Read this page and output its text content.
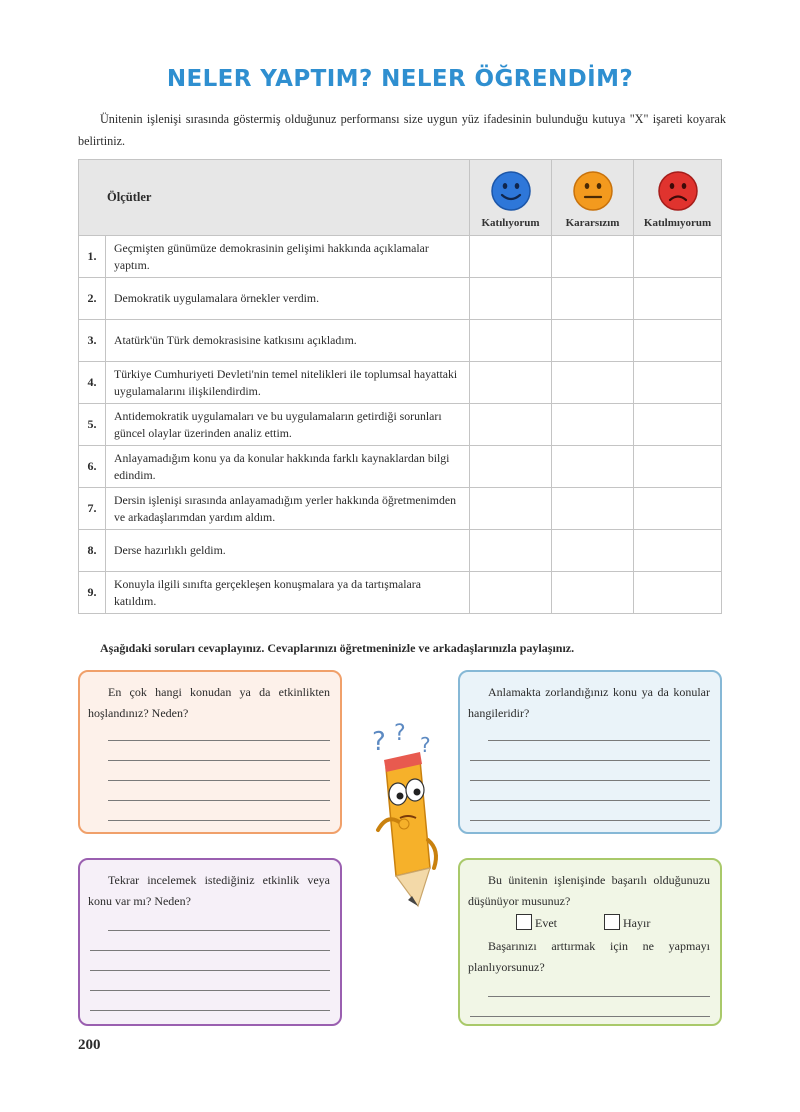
NELER YAPTIM? NELER ÖĞRENDİM?
Ünitenin işlenişi sırasında göstermiş olduğunuz performansı size uygun yüz ifadesinin bulunduğu kutuya "X" işareti koyarak belirtiniz.
Ölçütler		Katılıyorum	Kararsızım	Katılmıyorum

1.	Geçmişten günümüze demokrasinin gelişimi hakkında açıklamalar yaptım.			
2.	Demokratik uygulamalara örnekler verdim.			
3.	Atatürk'ün Türk demokrasisine katkısını açıkladım.			
4.	Türkiye Cumhuriyeti Devleti'nin temel nitelikleri ile toplumsal hayattaki uygulamalarını ilişkilendirdim.			
5.	Antidemokratik uygulamaları ve bu uygulamaların getirdiği sorunları güncel olaylar üzerinden analiz ettim.			
6.	Anlayamadığım konu ya da konular hakkında farklı kaynaklardan bilgi edindim.			
7.	Dersin işlenişi sırasında anlayamadığım yerler hakkında öğretmenimden ve arkadaşlarımdan yardım aldım.			
8.	Derse hazırlıklı geldim.			
9.	Konuyla ilgili sınıfta gerçekleşen konuşmalara ya da tartışmalara katıldım.			
Aşağıdaki soruları cevaplayınız. Cevaplarınızı öğretmeninizle ve arkadaşlarınızla paylaşınız.
En çok hangi konudan ya da etkinlikten hoşlandınız? Neden?
Anlamakta zorlandığınız konu ya da konular hangileridir?
? ? ?
Tekrar incelemek istediğiniz etkinlik veya konu var mı? Neden?
Bu ünitenin işlenişinde başarılı olduğunuzu düşünüyor musunuz?
Evet	Hayır
Başarınızı arttırmak için ne yapmayı planlıyorsunuz?
200
